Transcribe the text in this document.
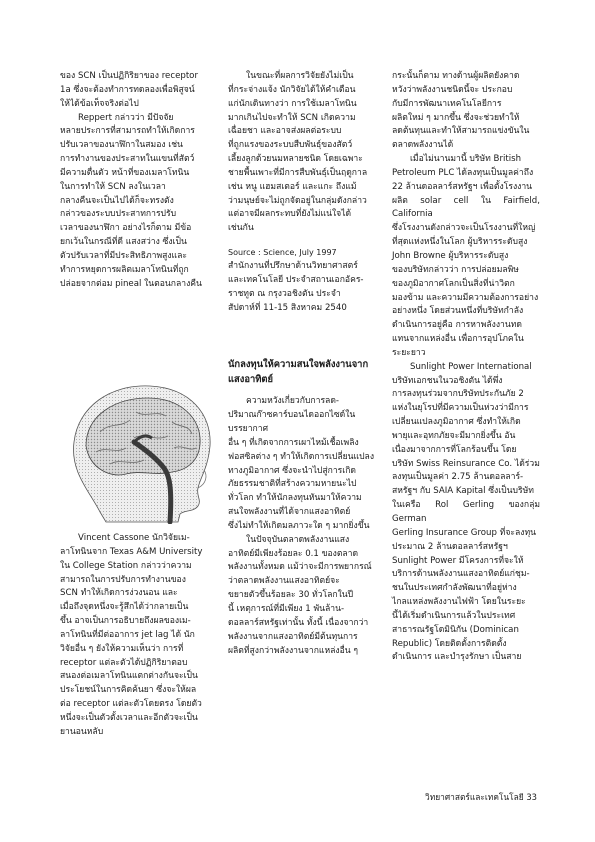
ของ SCN เป็นปฏิกิริยาของ receptor

1a ซึ่งจะต้องทำการทดลองเพื่อพิสูจน์

ให้ได้ข้อเท็จจริงต่อไป

Reppert กล่าวว่า มีปัจจัย

หลายประการที่สามารถทำให้เกิดการ

ปรับเวลาของนาฬิกาในสมอง เช่น

การทำงานของประสาทในแขนที่สัตว์

มีความตื่นตัว หน้าที่ของเมลาโทนิน

ในการทำให้ SCN ลงในเวลา

กลางคืนจะเป็นไปได้ก็จะทรงตัง

กล่าวของระบบประสาทการปรับ

เวลาของนาฬิกา อย่างไรก็ตาม มีข้อ

ยกเว้นในกรณีที่ดี แสงสว่าง ซึ่งเป็น

ตัวปรับเวลาที่มีประสิทธิภาพสูงและ

ทำการหยุดการผลิตเมลาโทนินที่ถูก

ปล่อยจากต่อม pineal ในตอนกลางคืน

Vincent Cassone นักวิจัยเม-

ลาโทนินจาก Texas A&M University

ใน College Station กล่าวว่าความ

สามารถในการปรับการทำงานของ

SCN ทำให้เกิดการง่วงนอน และ

เมื่อถึงจุดหนึ่งจะรู้สึกได้ว่ากลายเป็น

ขึ้น อาจเป็นการอธิบายถึงผลของเม-

ลาโทนินที่มีต่ออาการ jet lag ได้ นัก

วิจัยอื่น ๆ ยังให้ความเห็นว่า การที่

receptor แต่ละตัวได้ปฏิกิริยาตอบ

สนองต่อเมลาโทนินแตกต่างกันจะเป็น

ประโยชน์ในการคิดค้นยา ซึ่งจะให้ผล

ต่อ receptor แต่ละตัวโดยตรง โดยตัว

หนึ่งจะเป็นตัวตั้งเวลาและอีกตัวจะเป็น

ยานอนหลับ

ในขณะที่ผลการวิจัยยังไม่เป็น

ที่กระจ่างแจ้ง นักวิจัยได้ให้คำเตือน

แก่นักเดินทางว่า การใช้เมลาโทนิน

มากเกินไปจะทำให้ SCN เกิดความ

เฉื่อยชา และอาจส่งผลต่อระบบ

ที่ถูกแรงของระบบสืบพันธุ์ของสัตว์

เลี้ยงลูกด้วยนมหลายชนิด โดยเฉพาะ

ชายพื้นเพาะที่มีการสืบพันธุ์เป็นฤดูกาล

เช่น หนู แฮมสเตอร์ และแกะ ถึงแม้

ว่ามนุษย์จะไม่ถูกจัดอยู่ในกลุ่มดังกล่าว

แต่อาจมีผลกระทบที่ยังไม่แน่ใจได้

เช่นกัน

Source : Science, July 1997

สำนักงานที่ปรึกษาด้านวิทยาศาสตร์

และเทคโนโลยี ประจำสถานเอกอัคร-

ราชทูต ณ กรุงวอชิงตัน ประจำ

สัปดาห์ที่ 11-15 สิงหาคม 2540

นักลงทุนให้ความสนใจพลังงานจาก
แสงอาทิตย์

ความหวังเกี่ยวกับการลด-

ปริมาณก๊าซคาร์บอนไดออกไซด์ในบรรยากาศ

อื่น ๆ ที่เกิดจากการเผาไหม้เชื้อเพลิง

ฟอสซิลต่าง ๆ ทำให้เกิดการเปลี่ยนแปลง

ทางภูมิอากาศ ซึ่งจะนำไปสู่การเกิด

ภัยธรรมชาติที่สร้างความหายนะไป

ทั่วโลก ทำให้นักลงทุนหันมาให้ความ

สนใจพลังงานที่ได้จากแสงอาทิตย์

ซึ่งไม่ทำให้เกิดมลภาวะใด ๆ มากยิ่งขึ้น

ในปัจจุบันตลาดพลังงานแสง

อาทิตย์มีเพียงร้อยละ 0.1 ของตลาด

พลังงานทั้งหมด แม้ว่าจะมีการพยากรณ์

ว่าตลาดพลังงานแสงอาทิตย์จะ

ขยายตัวขึ้นร้อยละ 30 ทั่วโลกในปี

นี้ เหตุการณ์ที่มีเพียง 1 พันล้าน-

ดอลลาร์สหรัฐเท่านั้น ทั้งนี้ เนื่องจากว่า

พลังงานจากแสงอาทิตย์มีต้นทุนการ

ผลิตที่สูงกว่าพลังงานจากแหล่งอื่น ๆ

กระนั้นก็ตาม ทางด้านผู้ผลิตยังคาด

หวังว่าพลังงานชนิดนี้จะ ประกอบ

กับมีการพัฒนาเทคโนโลยีการ

ผลิตใหม่ ๆ มากขึ้น ซึ่งจะช่วยทำให้

ลดต้นทุนและทำให้สามารถแข่งขันใน

ตลาดพลังงานได้

เมื่อไม่นานมานี้ บริษัท British

Petroleum PLC ได้ลงทุนเป็นมูลค่าถึง

22 ล้านดอลลาร์สหรัฐฯ เพื่อตั้งโรงงาน

ผลิต solar cell ใน Fairfield, California

ซึ่งโรงงานดังกล่าวจะเป็นโรงงานที่ใหญ่

ที่สุดแห่งหนึ่งในโลก ผู้บริหารระดับสูง

John Browne ผู้บริหารระดับสูง

ของบริษัทกล่าวว่า การปล่อยมลพิษ

ของภูมิอากาศโลกเป็นสิ่งที่น่าวิตก

มองข้าม และความมีความต้องการอย่าง

อย่างหนึ่ง โดยส่วนหนึ่งที่บริษัทกำลัง

ดำเนินการอยู่คือ การหาพลังงานทด

แทนจากแหล่งอื่น เพื่อการอุปโภคใน

ระยะยาว

Sunlight Power International

บริษัทเอกชนในวอชิงตัน ได้พึ่ง

การลงทุนร่วมจากบริษัทประกันภัย 2

แห่งในยุโรปที่มีความเป็นห่วงว่ามีการ

เปลี่ยนแปลงภูมิอากาศ ซึ่งทำให้เกิด

พายุและอุทกภัยจะมีมากยิ่งขึ้น อัน

เนื่องมาจากการที่โลกร้อนขึ้น โดย

บริษัท Swiss Reinsurance Co. ได้ร่วม

ลงทุนเป็นมูลค่า 2.75 ล้านดอลลาร์-

สหรัฐฯ กับ SAIA Kapital ซึ่งเป็นบริษัท

ในเครือ Rol Gerling ของกลุ่ม German

Gerling Insurance Group ที่จะลงทุน

ประมาณ 2 ล้านดอลลาร์สหรัฐฯ

Sunlight Power มีโครงการที่จะให้

บริการด้านพลังงานแสงอาทิตย์แก่ชุม-

ชนในประเทศกำลังพัฒนาที่อยู่ห่าง

ไกลแหล่งพลังงานไฟฟ้า โดยในระยะ

นี้ได้เริ่มดำเนินการแล้วในประเทศ

สาธารณรัฐโดมินิกัน (Dominican

Republic) โดยติดตั้งการติดตั้ง

ดำเนินการ และบำรุงรักษา เป็นสาย

วิทยาศาสตร์และเทคโนโลยี 33
